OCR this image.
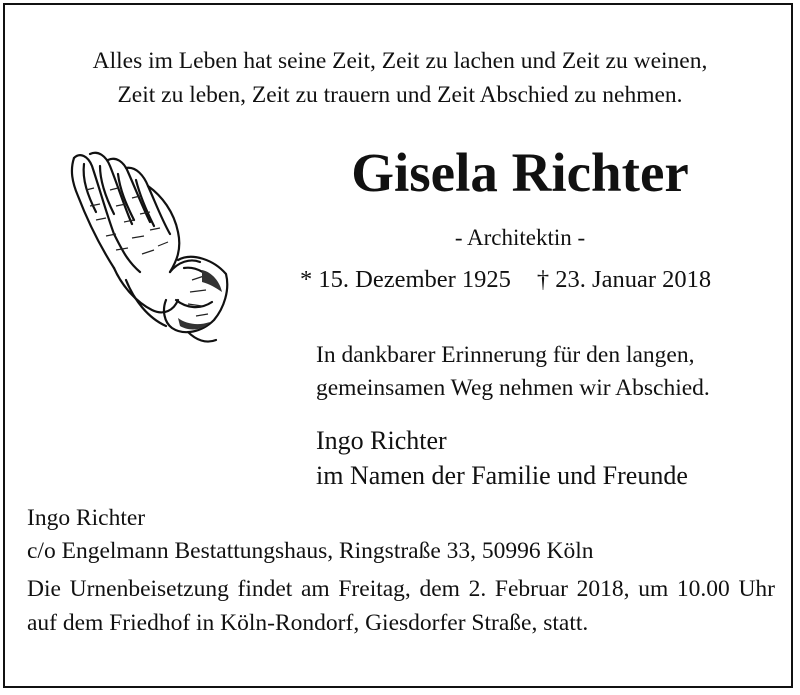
Alles im Leben hat seine Zeit, Zeit zu lachen und Zeit zu weinen,
Zeit zu leben, Zeit zu trauern und Zeit Abschied zu nehmen.
Gisela Richter
- Architektin -
* 15. Dezember 1925 † 23. Januar 2018
In dankbarer Erinnerung für den langen,
gemeinsamen Weg nehmen wir Abschied.
Ingo Richter
im Namen der Familie und Freunde
Ingo Richter
c/o Engelmann Bestattungshaus, Ringstraße 33, 50996 Köln
Die Urnenbeisetzung findet am Freitag, dem 2. Februar 2018, um 10.00 Uhr auf dem Friedhof in Köln-Rondorf, Giesdorfer Straße, statt.
